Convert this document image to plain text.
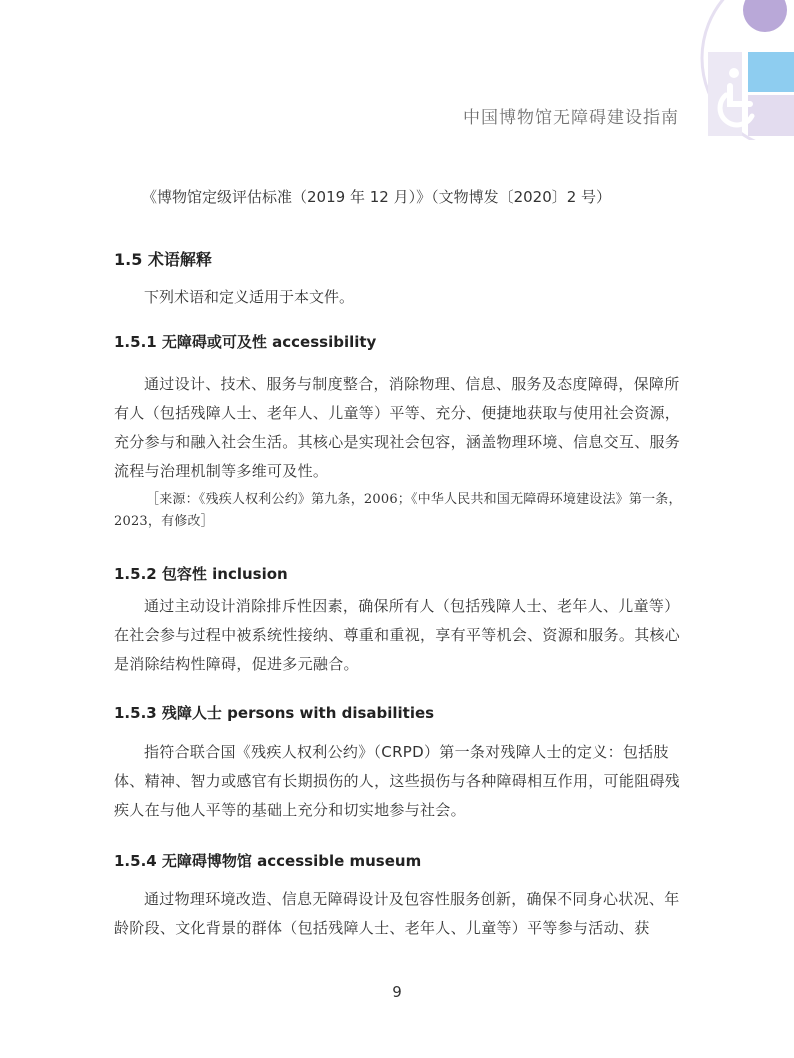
中国博物馆无障碍建设指南
《博物馆定级评估标准（2019 年 12 月）》（文物博发〔2020〕2 号）
1.5 术语解释
下列术语和定义适用于本文件。
1.5.1 无障碍或可及性 accessibility
通过设计、技术、服务与制度整合，消除物理、信息、服务及态度障碍，保障所有人（包括残障人士、老年人、儿童等）平等、充分、便捷地获取与使用社会资源，充分参与和融入社会生活。其核心是实现社会包容，涵盖物理环境、信息交互、服务流程与治理机制等多维可及性。
［来源：《残疾人权利公约》第九条，2006；《中华人民共和国无障碍环境建设法》第一条，2023，有修改］
1.5.2 包容性 inclusion
通过主动设计消除排斥性因素，确保所有人（包括残障人士、老年人、儿童等）在社会参与过程中被系统性接纳、尊重和重视，享有平等机会、资源和服务。其核心是消除结构性障碍，促进多元融合。
1.5.3 残障人士 persons with disabilities
指符合联合国《残疾人权利公约》（CRPD）第一条对残障人士的定义：包括肢体、精神、智力或感官有长期损伤的人，这些损伤与各种障碍相互作用，可能阻碍残疾人在与他人平等的基础上充分和切实地参与社会。
1.5.4 无障碍博物馆 accessible museum
通过物理环境改造、信息无障碍设计及包容性服务创新，确保不同身心状况、年龄阶段、文化背景的群体（包括残障人士、老年人、儿童等）平等参与活动、获
9
